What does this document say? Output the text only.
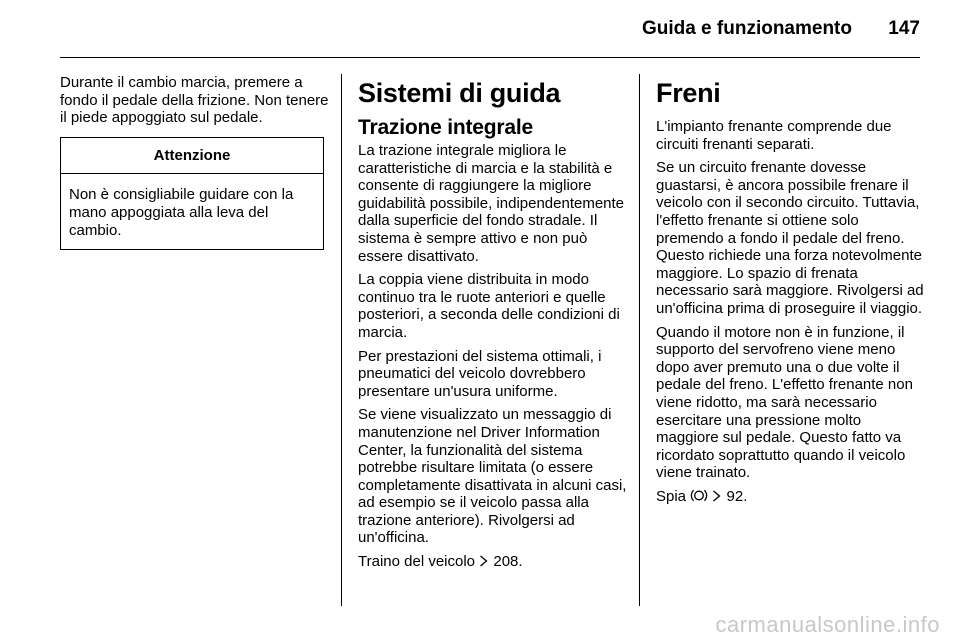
Guida e funzionamento 147

Durante il cambio marcia, premere a fondo il pedale della frizione. Non tenere il piede appoggiato sul pedale.

Attenzione
Non è consigliabile guidare con la mano appoggiata alla leva del cambio.
Sistemi di guida
Trazione integrale

La trazione integrale migliora le caratteristiche di marcia e la stabilità e consente di raggiungere la migliore guidabilità possibile, indipendentemente dalla superficie del fondo stradale. Il sistema è sempre attivo e non può essere disattivato.

La coppia viene distribuita in modo continuo tra le ruote anteriori e quelle posteriori, a seconda delle condizioni di marcia.

Per prestazioni del sistema ottimali, i pneumatici del veicolo dovrebbero presentare un'usura uniforme.

Se viene visualizzato un messaggio di manutenzione nel Driver Information Center, la funzionalità del sistema potrebbe risultare limitata (o essere completamente disattivata in alcuni casi, ad esempio se il veicolo passa alla trazione anteriore). Rivolgersi ad un'officina.

Traino del veicolo 208.

Freni

L'impianto frenante comprende due circuiti frenanti separati.

Se un circuito frenante dovesse guastarsi, è ancora possibile frenare il veicolo con il secondo circuito. Tuttavia, l'effetto frenante si ottiene solo premendo a fondo il pedale del freno. Questo richiede una forza notevolmente maggiore. Lo spazio di frenata necessario sarà maggiore. Rivolgersi ad un'officina prima di proseguire il viaggio.

Quando il motore non è in funzione, il supporto del servofreno viene meno dopo aver premuto una o due volte il pedale del freno. L'effetto frenante non viene ridotto, ma sarà necessario esercitare una pressione molto maggiore sul pedale. Questo fatto va ricordato soprattutto quando il veicolo viene trainato.

Spia	92.

carmanualsonline.info
